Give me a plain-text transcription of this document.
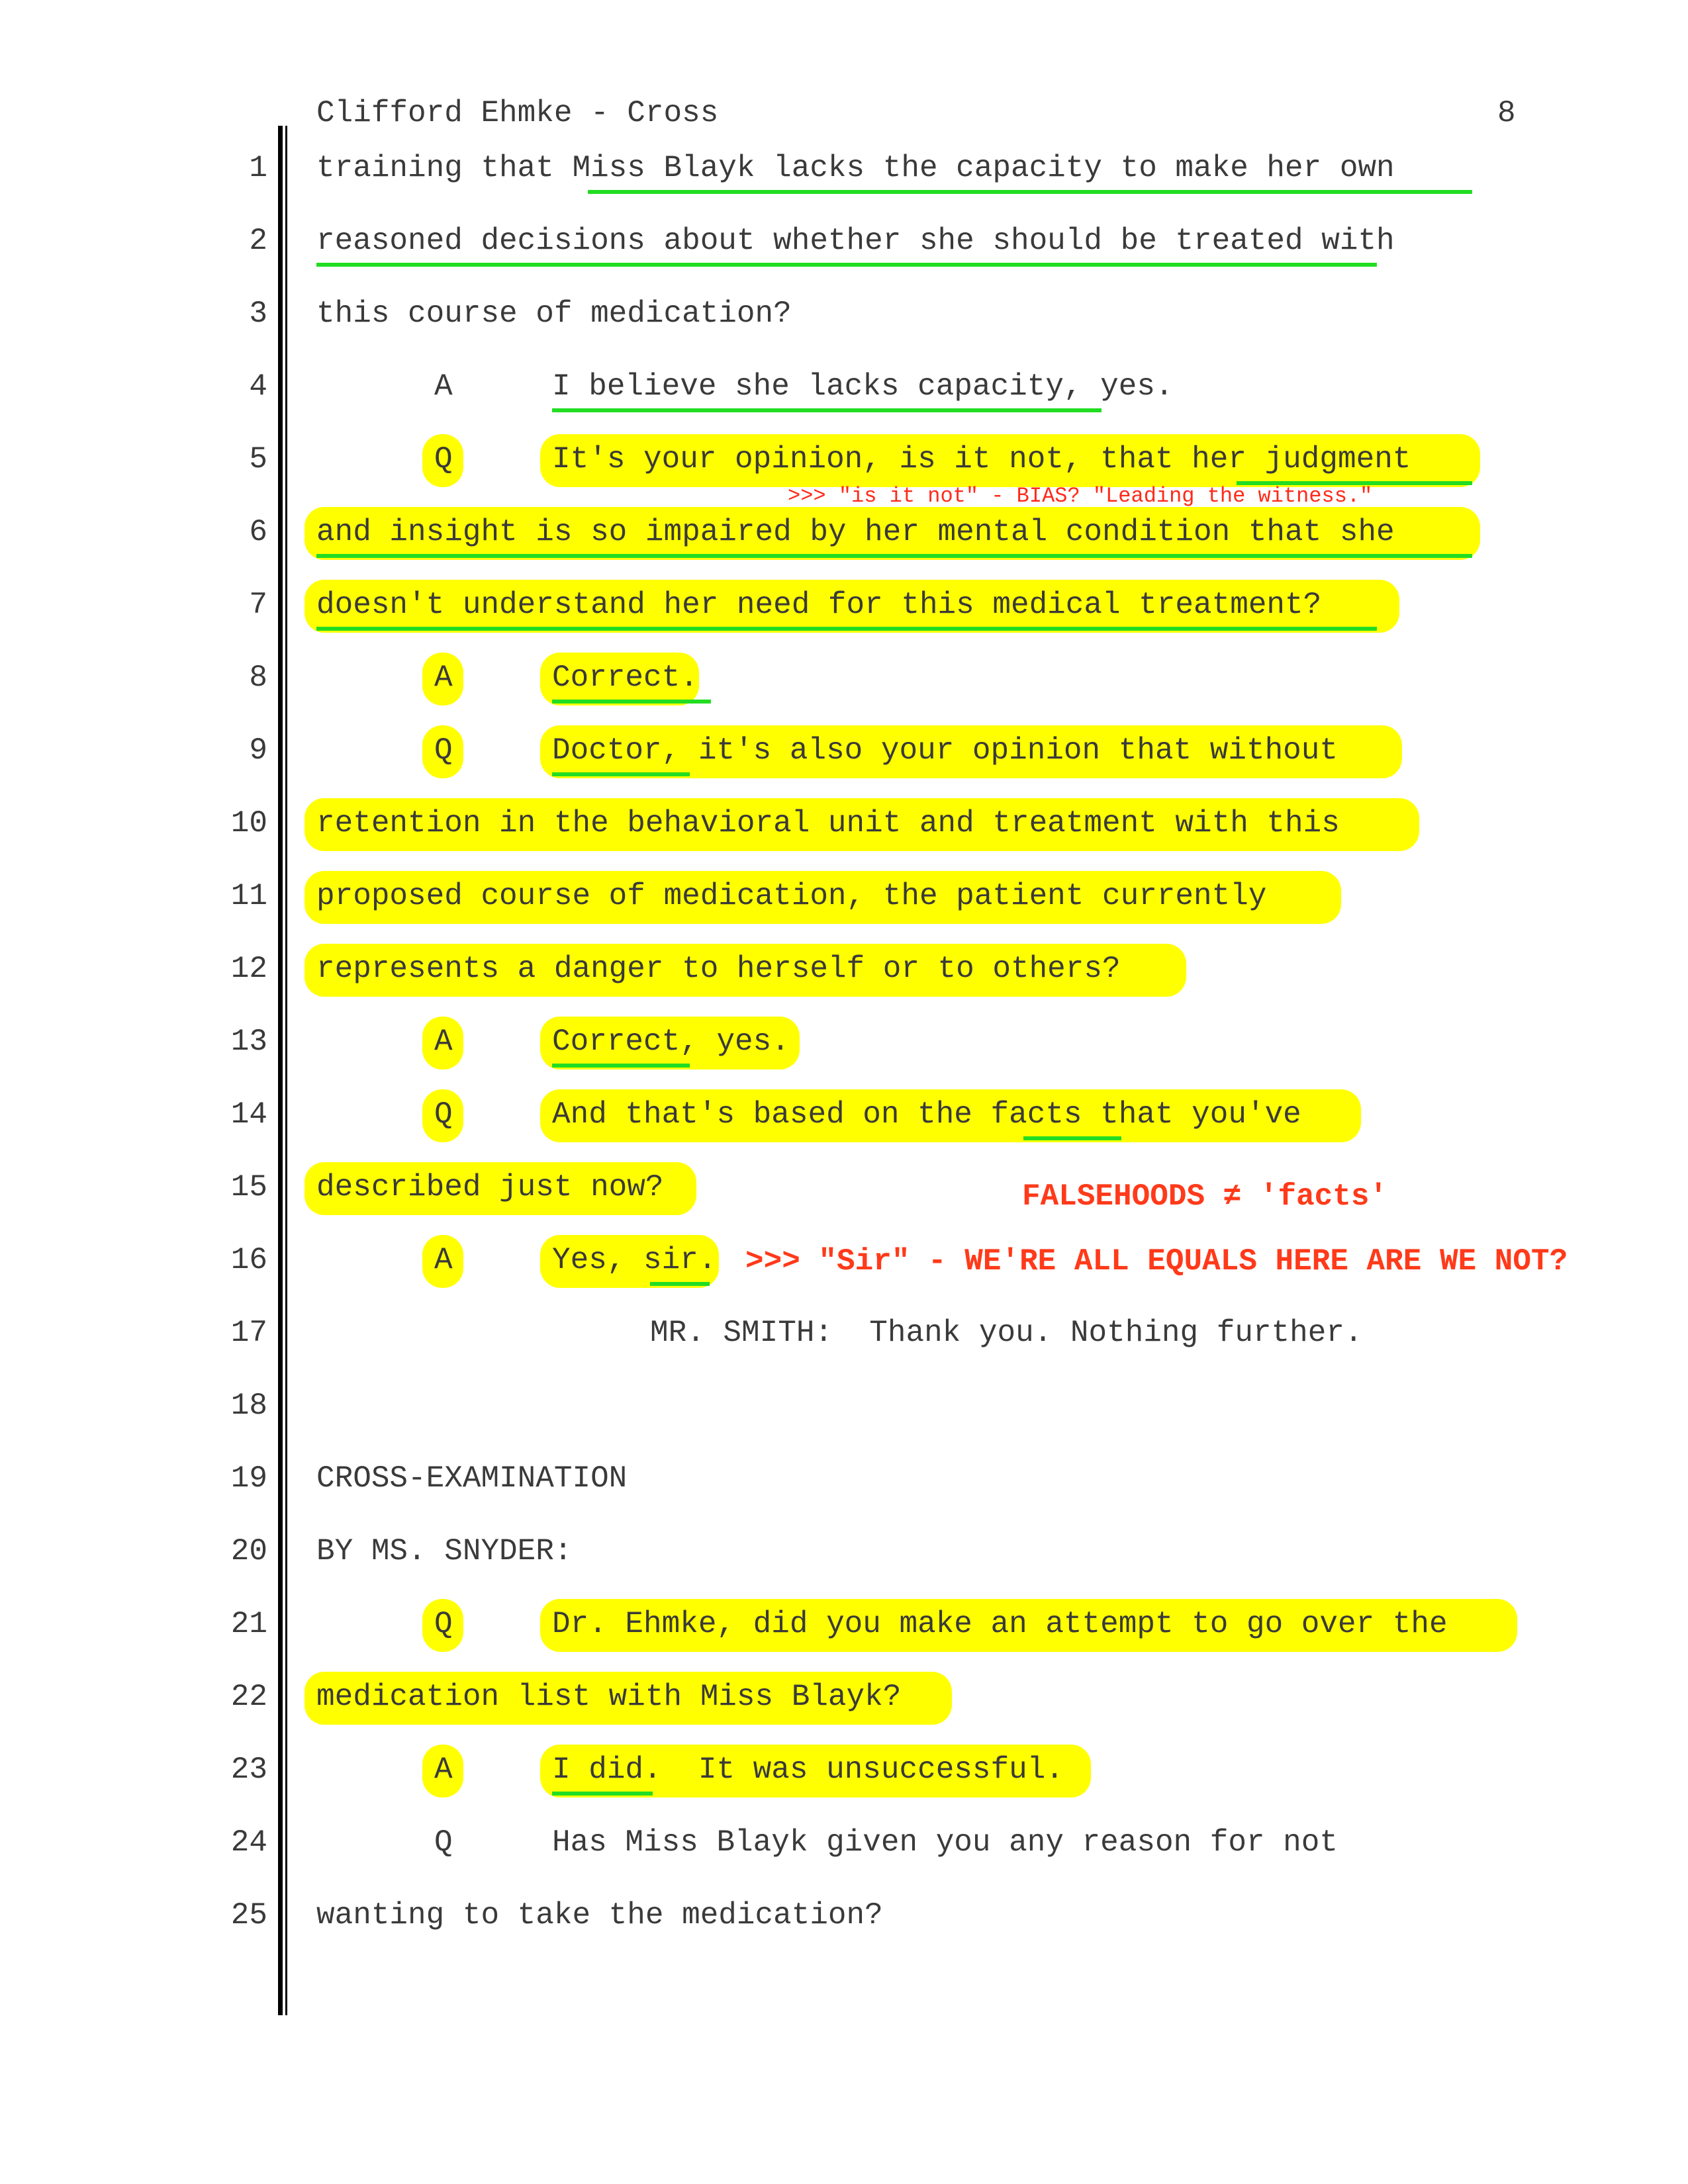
Clifford Ehmke - Cross	8
1
2
3
4
5
6
7
8
9
10
11
12
13
14
15
16
17
18
19
20
21
22
23
24
25
training that Miss Blayk lacks the capacity to make her own
reasoned decisions about whether she should be treated with
this course of medication?
A	I believe she lacks capacity, yes.
Q	It's your opinion, is it not, that her judgment
and insight is so impaired by her mental condition that she
doesn't understand her need for this medical treatment?
A	Correct.
Q	Doctor, it's also your opinion that without
retention in the behavioral unit and treatment with this
proposed course of medication, the patient currently
represents a danger to herself or to others?
A	Correct, yes.
Q	And that's based on the facts that you've
described just now?
A	Yes, sir.
MR. SMITH:  Thank you. Nothing further.
CROSS-EXAMINATION
BY MS. SNYDER:
Q	Dr. Ehmke, did you make an attempt to go over the
medication list with Miss Blayk?
A	I did.  It was unsuccessful.
Q	Has Miss Blayk given you any reason for not
wanting to take the medication?
>>> "is it not" - BIAS? "Leading the witness."
FALSEHOODS ≠ 'facts'
>>> "Sir" - WE'RE ALL EQUALS HERE ARE WE NOT?
